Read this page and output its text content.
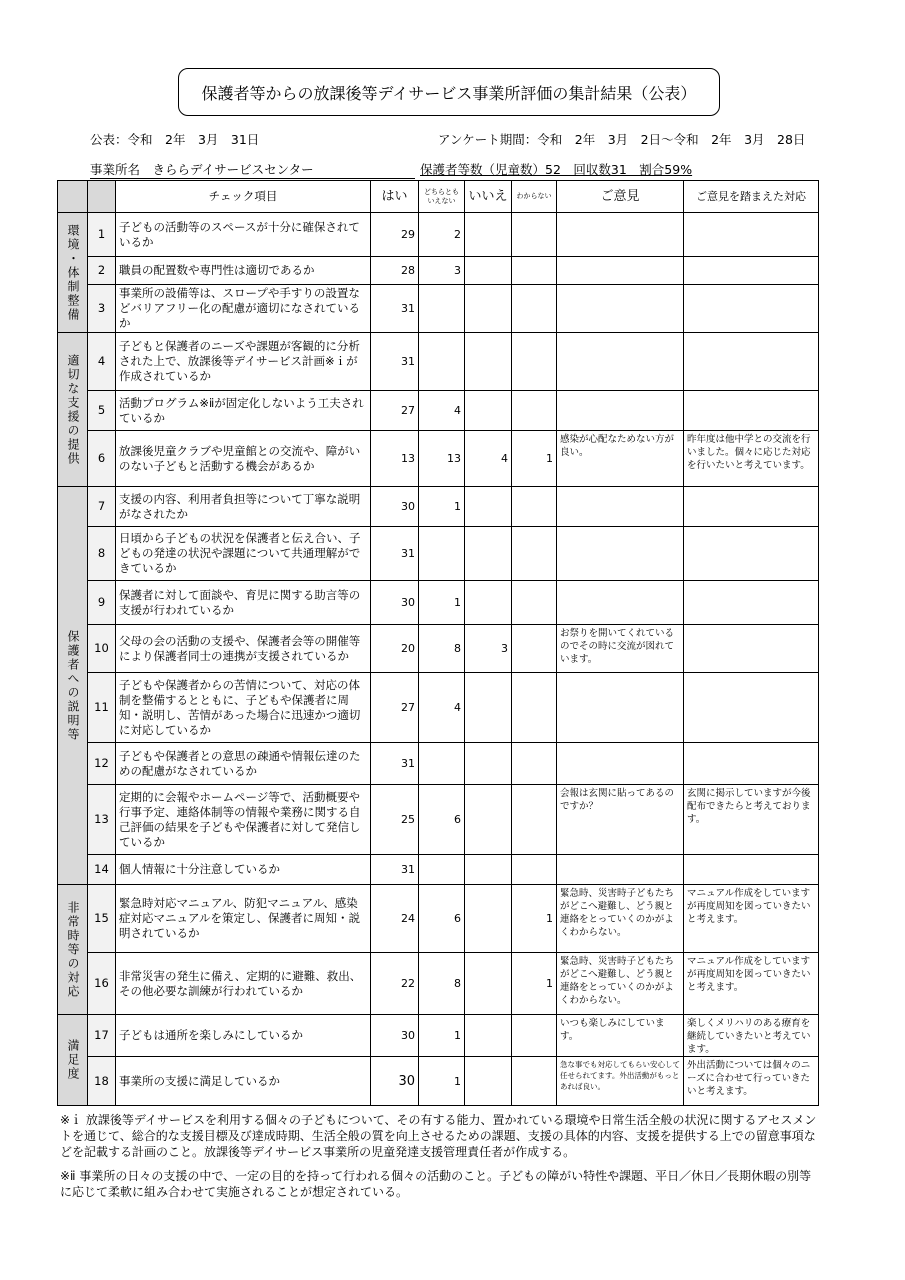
保護者等からの放課後等デイサービス事業所評価の集計結果（公表）
公表：令和　2年　3月　31日	アンケート期間：令和　2年　3月　2日～令和　2年　3月　28日
事業所名　きららデイサービスセンター	保護者等数（児童数）52　回収数31　割合59%
		チェック項目	はい	どちらともいえない	いいえ	わからない	ご意見	ご意見を踏まえた対応
環境・体制整備	1	子どもの活動等のスペースが十分に確保されているか	29	2				
	2	職員の配置数や専門性は適切であるか	28	3				
	3	事業所の設備等は、スロープや手すりの設置などバリアフリー化の配慮が適切になされているか	31					
適切な支援の提供	4	子どもと保護者のニーズや課題が客観的に分析された上で、放課後等デイサービス計画※ｉが作成されているか	31					
	5	活動プログラム※ⅱが固定化しないよう工夫されているか	27	4				
	6	放課後児童クラブや児童館との交流や、障がいのない子どもと活動する機会があるか	13	13	4	1	感染が心配なためない方が良い。	昨年度は他中学との交流を行いました。個々に応じた対応を行いたいと考えています。
保護者への説明等	7	支援の内容、利用者負担等について丁寧な説明がなされたか	30	1				
	8	日頃から子どもの状況を保護者と伝え合い、子どもの発達の状況や課題について共通理解ができているか	31					
	9	保護者に対して面談や、育児に関する助言等の支援が行われているか	30	1				
	10	父母の会の活動の支援や、保護者会等の開催等により保護者同士の連携が支援されているか	20	8	3		お祭りを開いてくれているのでその時に交流が図れています。	
	11	子どもや保護者からの苦情について、対応の体制を整備するとともに、子どもや保護者に周知・説明し、苦情があった場合に迅速かつ適切に対応しているか	27	4				
	12	子どもや保護者との意思の疎通や情報伝達のための配慮がなされているか	31					
	13	定期的に会報やホームページ等で、活動概要や行事予定、連絡体制等の情報や業務に関する自己評価の結果を子どもや保護者に対して発信しているか	25	6			会報は玄関に貼ってあるのですか？	玄関に掲示していますが今後配布できたらと考えております。
	14	個人情報に十分注意しているか	31					
非常時等の対応	15	緊急時対応マニュアル、防犯マニュアル、感染症対応マニュアルを策定し、保護者に周知・説明されているか	24	6		1	緊急時、災害時子どもたちがどこへ避難し、どう親と連絡をとっていくのかがよくわからない。	マニュアル作成をしていますが再度周知を図っていきたいと考えます。
	16	非常災害の発生に備え、定期的に避難、救出、その他必要な訓練が行われているか	22	8		1	緊急時、災害時子どもたちがどこへ避難し、どう親と連絡をとっていくのかがよくわからない。	マニュアル作成をしていますが再度周知を図っていきたいと考えます。
満足度	17	子どもは通所を楽しみにしているか	30	1			いつも楽しみにしています。	楽しくメリハリのある療育を継続していきたいと考えています。
	18	事業所の支援に満足しているか	30	1			急な事でも対応してもらい安心して任せられてます。外出活動がもっとあれば良い。	外出活動については個々のニーズに合わせて行っていきたいと考えます。

※ｉ 放課後等デイサービスを利用する個々の子どもについて、その有する能力、置かれている環境や日常生活全般の状況に関するアセスメントを通じて、総合的な支援目標及び達成時期、生活全般の質を向上させるための課題、支援の具体的内容、支援を提供する上での留意事項などを記載する計画のこと。放課後等デイサービス事業所の児童発達支援管理責任者が作成する。

※ⅱ 事業所の日々の支援の中で、一定の目的を持って行われる個々の活動のこと。子どもの障がい特性や課題、平日／休日／長期休暇の別等に応じて柔軟に組み合わせて実施されることが想定されている。
